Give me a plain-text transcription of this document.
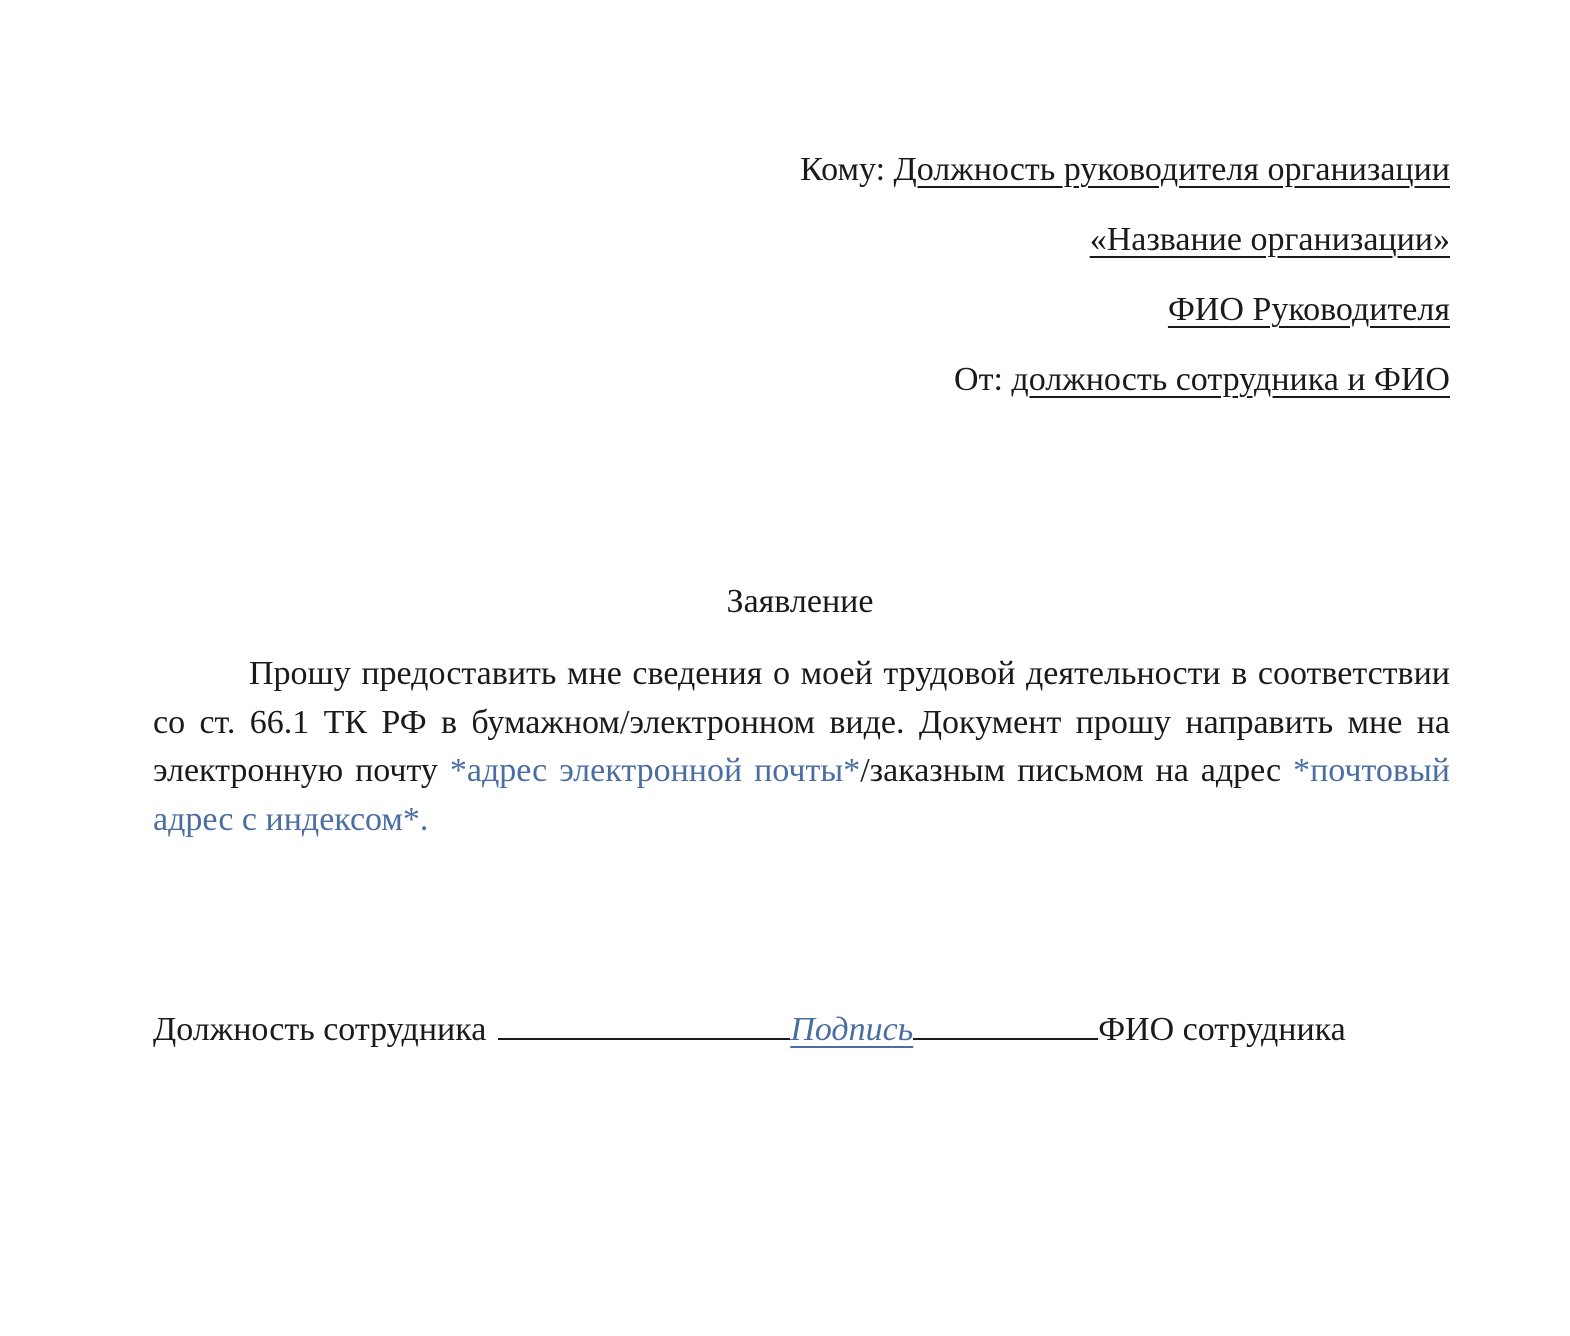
Кому: Должность руководителя организации
«Название организации»
ФИО Руководителя
От: должность сотрудника и ФИО
Заявление

Прошу предоставить мне сведения о моей трудовой деятельности в соответствии со ст. 66.1 ТК РФ в бумажном/электронном виде. Документ прошу направить мне на электронную почту *адрес электронной почты*/заказным письмом на адрес *почтовый адрес с индексом*.

Должность сотрудника	Подпись	ФИО сотрудника
